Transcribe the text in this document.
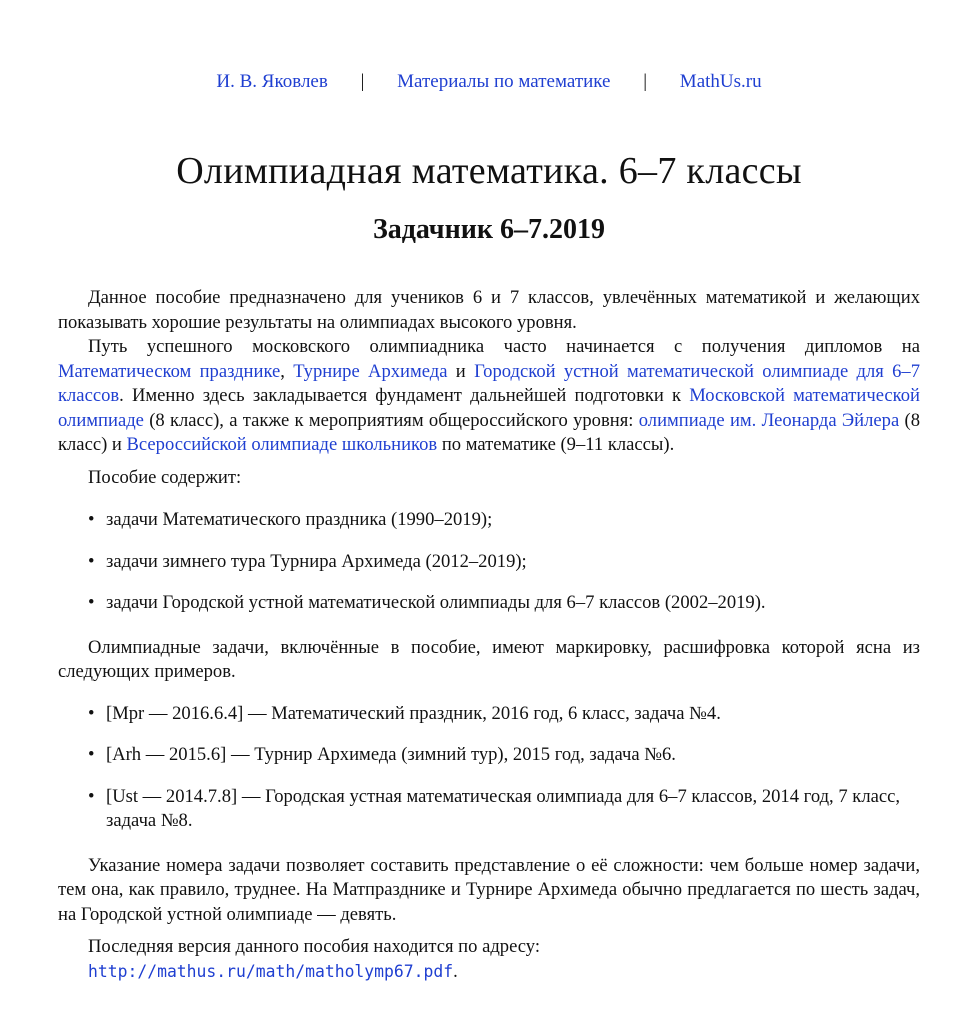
И. В. Яковлев | Материалы по математике | MathUs.ru
Олимпиадная математика. 6–7 классы
Задачник 6–7.2019

Данное пособие предназначено для учеников 6 и 7 классов, увлечённых математикой и желающих показывать хорошие результаты на олимпиадах высокого уровня.

Путь успешного московского олимпиадника часто начинается с получения дипломов на Математическом празднике, Турнире Архимеда и Городской устной математической олимпиаде для 6–7 классов. Именно здесь закладывается фундамент дальнейшей подготовки к Московской математической олимпиаде (8 класс), а также к мероприятиям общероссийского уровня: олимпиаде им. Леонарда Эйлера (8 класс) и Всероссийской олимпиаде школьников по математике (9–11 классы).

Пособие содержит:

• задачи Математического праздника (1990–2019);
• задачи зимнего тура Турнира Архимеда (2012–2019);
• задачи Городской устной математической олимпиады для 6–7 классов (2002–2019).

Олимпиадные задачи, включённые в пособие, имеют маркировку, расшифровка которой ясна из следующих примеров.

• [Mpr — 2016.6.4] — Математический праздник, 2016 год, 6 класс, задача №4.
• [Arh — 2015.6] — Турнир Архимеда (зимний тур), 2015 год, задача №6.
• [Ust — 2014.7.8] — Городская устная математическая олимпиада для 6–7 классов, 2014 год, 7 класс, задача №8.

Указание номера задачи позволяет составить представление о её сложности: чем больше номер задачи, тем она, как правило, труднее. На Матпразднике и Турнире Архимеда обычно предлагается по шесть задач, на Городской устной олимпиаде — девять.

Последняя версия данного пособия находится по адресу:

http://mathus.ru/math/matholymp67.pdf.
